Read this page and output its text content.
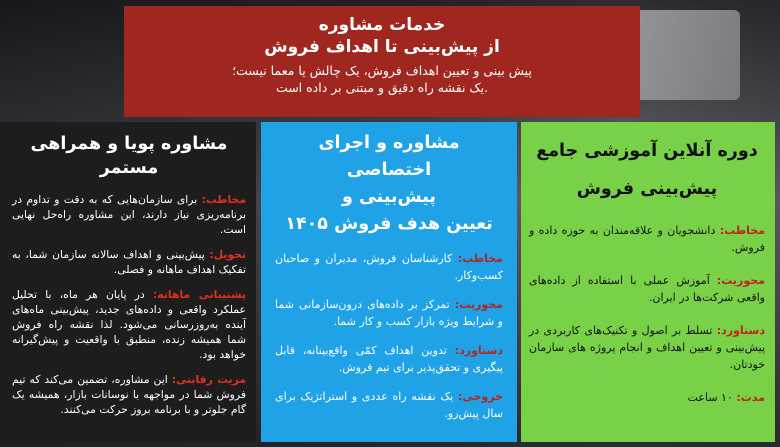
خدمات مشاوره
از پیش‌بینی تا اهداف فروش
پیش بینی و تعیین اهداف فروش، یک چالش یا معما نیست؛
یک نقشه راه دقیق و مبتنی بر داده است.
مشاوره پویا و همراهی مستمر
مخاطب: برای سازمان‌هایی که به دقت و تداوم در برنامه‌ریزی نیاز دارند، این مشاوره راه‌حل نهایی است.
تحویل: پیش‌بینی و اهداف سالانه سازمان شما، به تفکیک اهداف ماهانه و فصلی.
پشتیبانی ماهانه: در پایان هر ماه، با تحلیل عملکرد واقعی و داده‌های جدید، پیش‌بینی ماه‌های آینده به‌روزرسانی می‌شود. لذا نقشه راه فروش شما همیشه زنده، منطبق با واقعیت و پیش‌گیرانه خواهد بود.
مزیت رقابتی: این مشاوره، تضمین می‌کند که تیم فروش شما در مواجهه با نوسانات بازار، همیشه یک گام جلوتر و با برنامه بروز حرکت می‌کنند.
مشاوره و اجرای اختصاصی
پیش‌بینی و
تعیین هدف فروش ۱۴۰۵
مخاطب: کارشناسان فروش، مدیران و صاحبان کسب‌وکار.
محوریت: تمرکز بر داده‌های درون‌سازمانی شما و شرایط ویژه بازار کسب و کار شما.
دستاورد: تدوین اهداف کمّی واقع‌بینانه، قابل پیگیری و تحقق‌پذیر برای تیم فروش.
خروجی: یک نقشه راه عددی و استراتژیک برای سال پیش‌رو.
دوره آنلاین آموزشی جامع
پیش‌بینی فروش
مخاطب: دانشجویان و علاقه‌مندان به حوزه داده و فروش.
محوریت: آموزش عملی با استفاده از داده‌های واقعی شرکت‌ها در ایران.
دستاورد: تسلط بر اصول و تکنیک‌های کاربردی در پیش‌بینی و تعیین اهداف و انجام پروژه های سازمان خودتان.
مدت: ۱۰ ساعت
